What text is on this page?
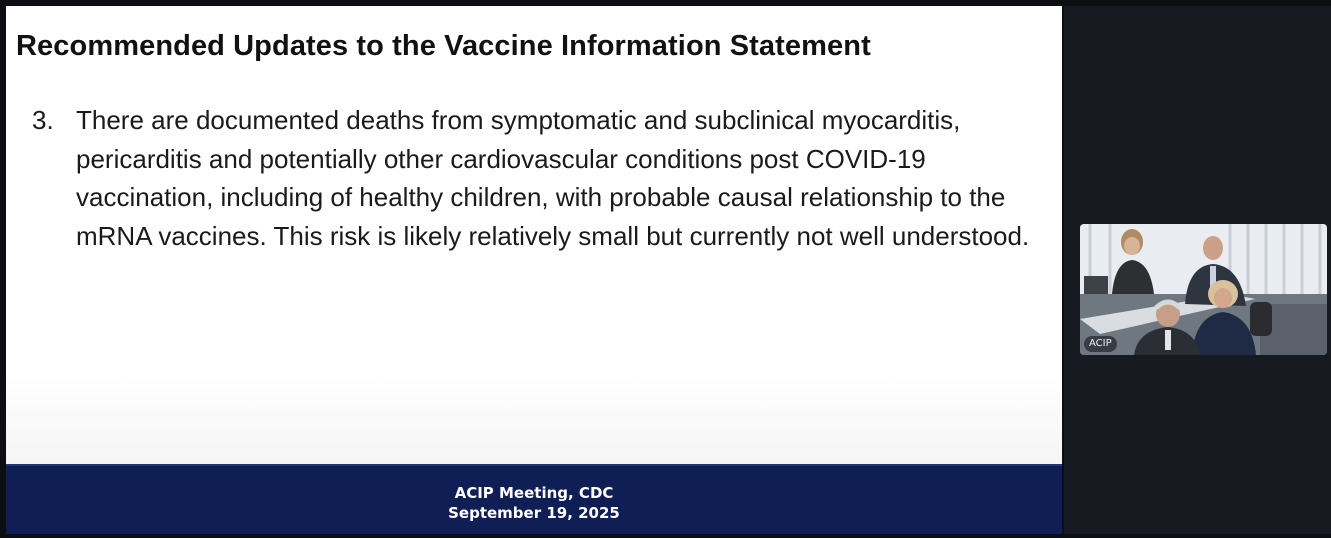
Recommended Updates to the Vaccine Information Statement
3. There are documented deaths from symptomatic and subclinical myocarditis, pericarditis and potentially other cardiovascular conditions post COVID-19 vaccination, including of healthy children, with probable causal relationship to the mRNA vaccines. This risk is likely relatively small but currently not well understood.
ACIP Meeting, CDC
September 19, 2025
ACIP
